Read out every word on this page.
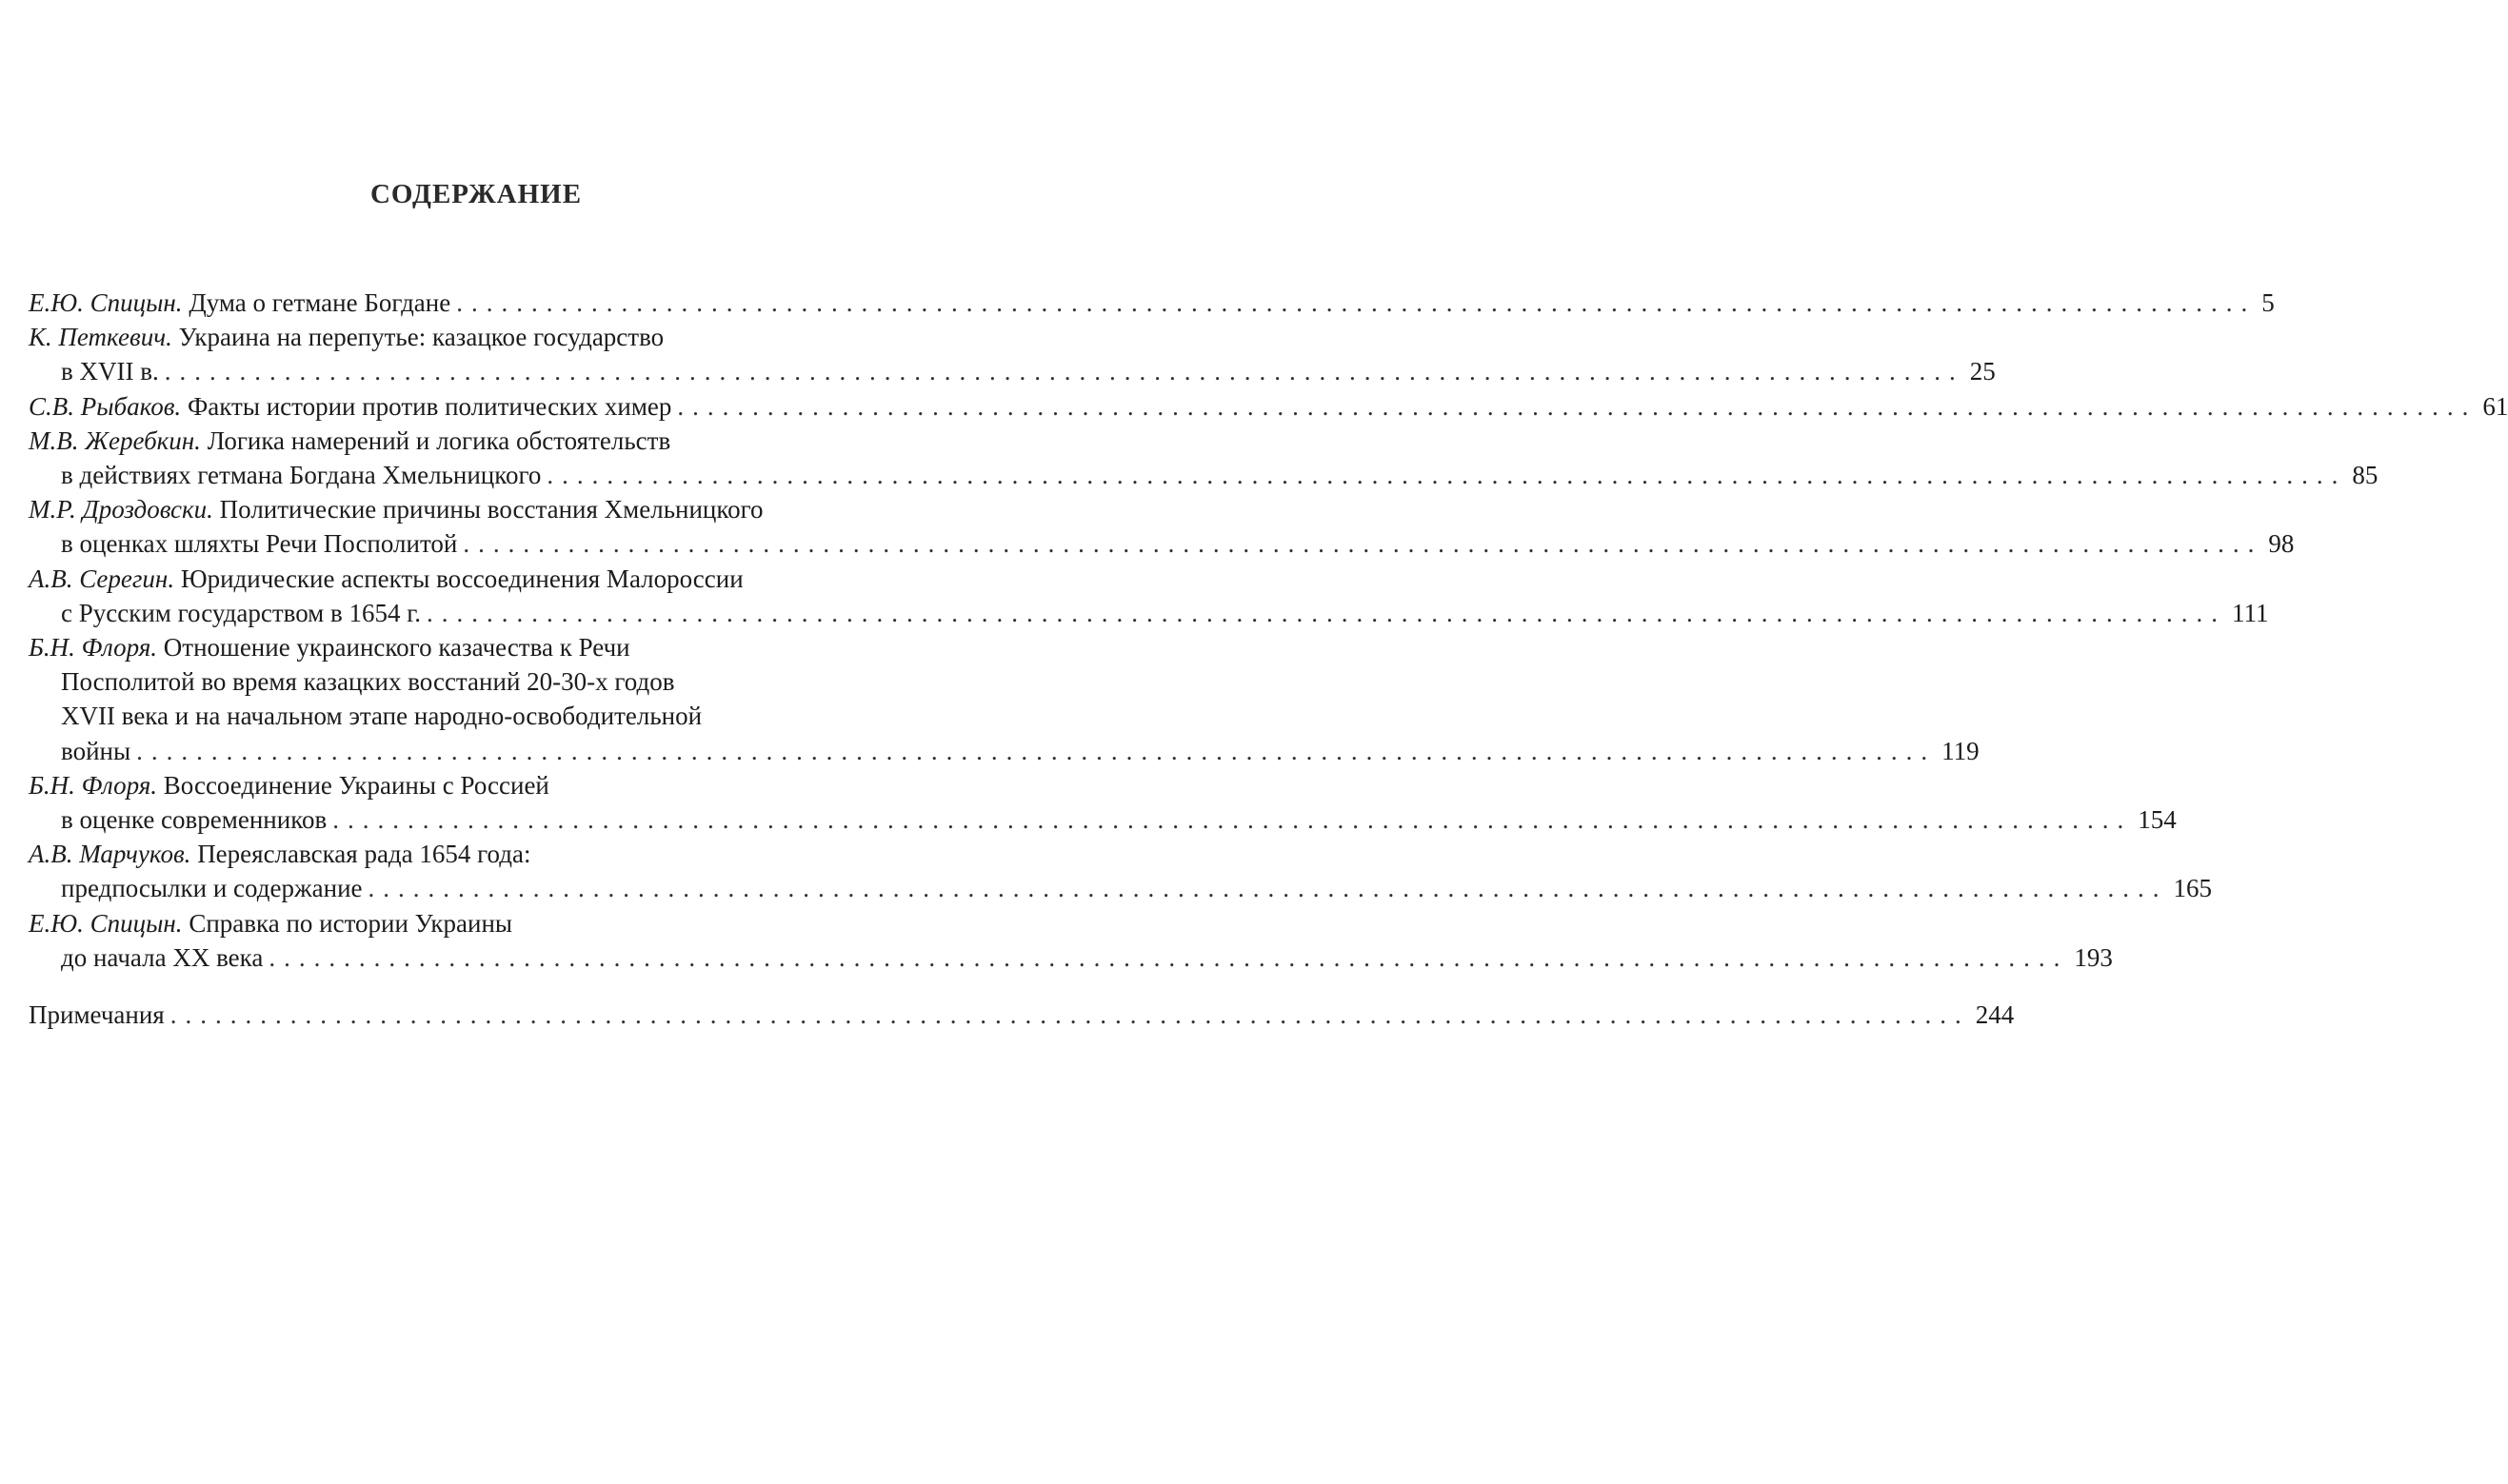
СОДЕРЖАНИЕ
Е.Ю. Спицын. Дума о гетмане Богдане ........................................................................................................................ 5
К. Петкевич. Украина на перепутье: казацкое государство
в XVII в. ........................................................................................................................ 25
С.В. Рыбаков. Факты истории против политических химер ........................................................................................................................ 61
М.В. Жеребкин. Логика намерений и логика обстоятельств
в действиях гетмана Богдана Хмельницкого ........................................................................................................................ 85
М.Р. Дроздовски. Политические причины восстания Хмельницкого
в оценках шляхты Речи Посполитой ........................................................................................................................ 98
А.В. Серегин. Юридические аспекты воссоединения Малороссии
с Русским государством в 1654 г. ........................................................................................................................ 111
Б.Н. Флоря. Отношение украинского казачества к Речи
Посполитой во время казацких восстаний 20-30-х годов
XVII века и на начальном этапе народно-освободительной
войны ........................................................................................................................ 119
Б.Н. Флоря. Воссоединение Украины с Россией
в оценке современников ........................................................................................................................ 154
А.В. Марчуков. Переяславская рада 1654 года:
предпосылки и содержание ........................................................................................................................ 165
Е.Ю. Спицын. Справка по истории Украины
до начала XX века ........................................................................................................................ 193
Примечания ........................................................................................................................ 244
